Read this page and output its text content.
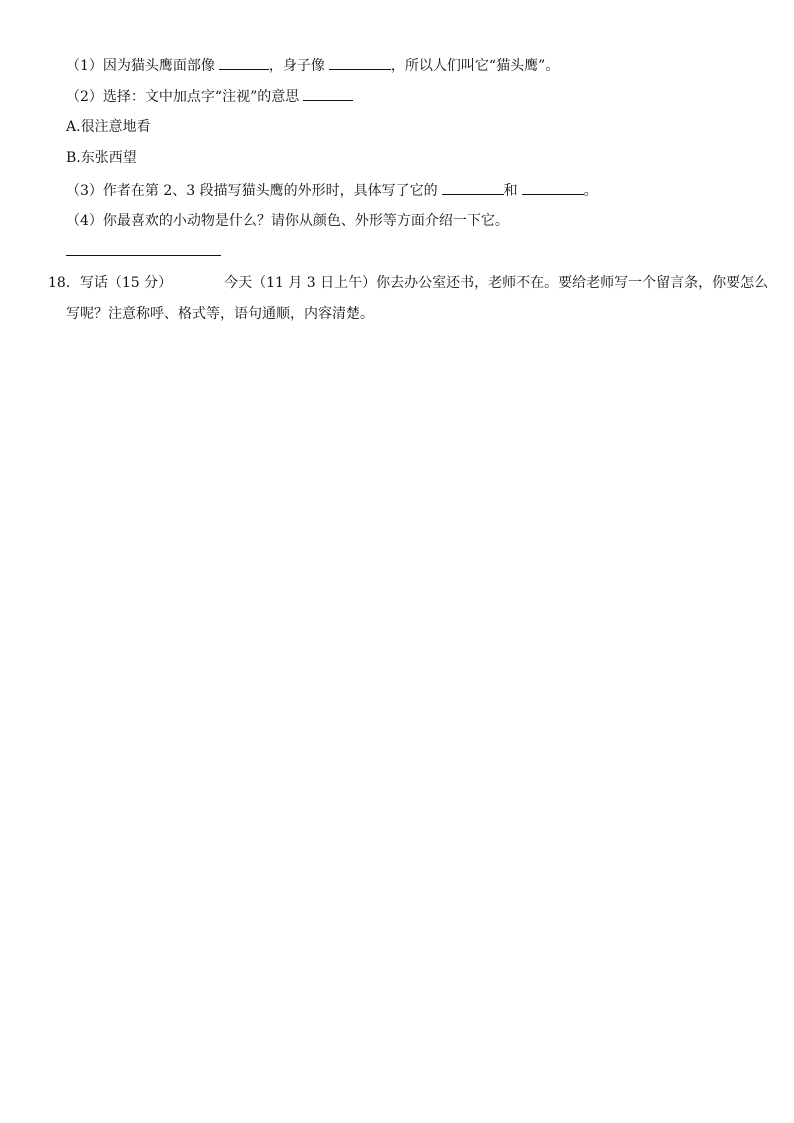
（1）因为猫头鹰面部像	，身子像	，所以人们叫它“猫头鹰”。
（2）选择：文中加点字“注视”的意思
A.很注意地看
B.东张西望
（3）作者在第 2、3 段描写猫头鹰的外形时，具体写了它的	和	。
（4）你最喜欢的小动物是什么？请你从颜色、外形等方面介绍一下它。
18．写话（15 分）	今天（11 月 3 日上午）你去办公室还书，老师不在。要给老师写一个留言条，你要怎么
写呢？注意称呼、格式等，语句通顺，内容清楚。
